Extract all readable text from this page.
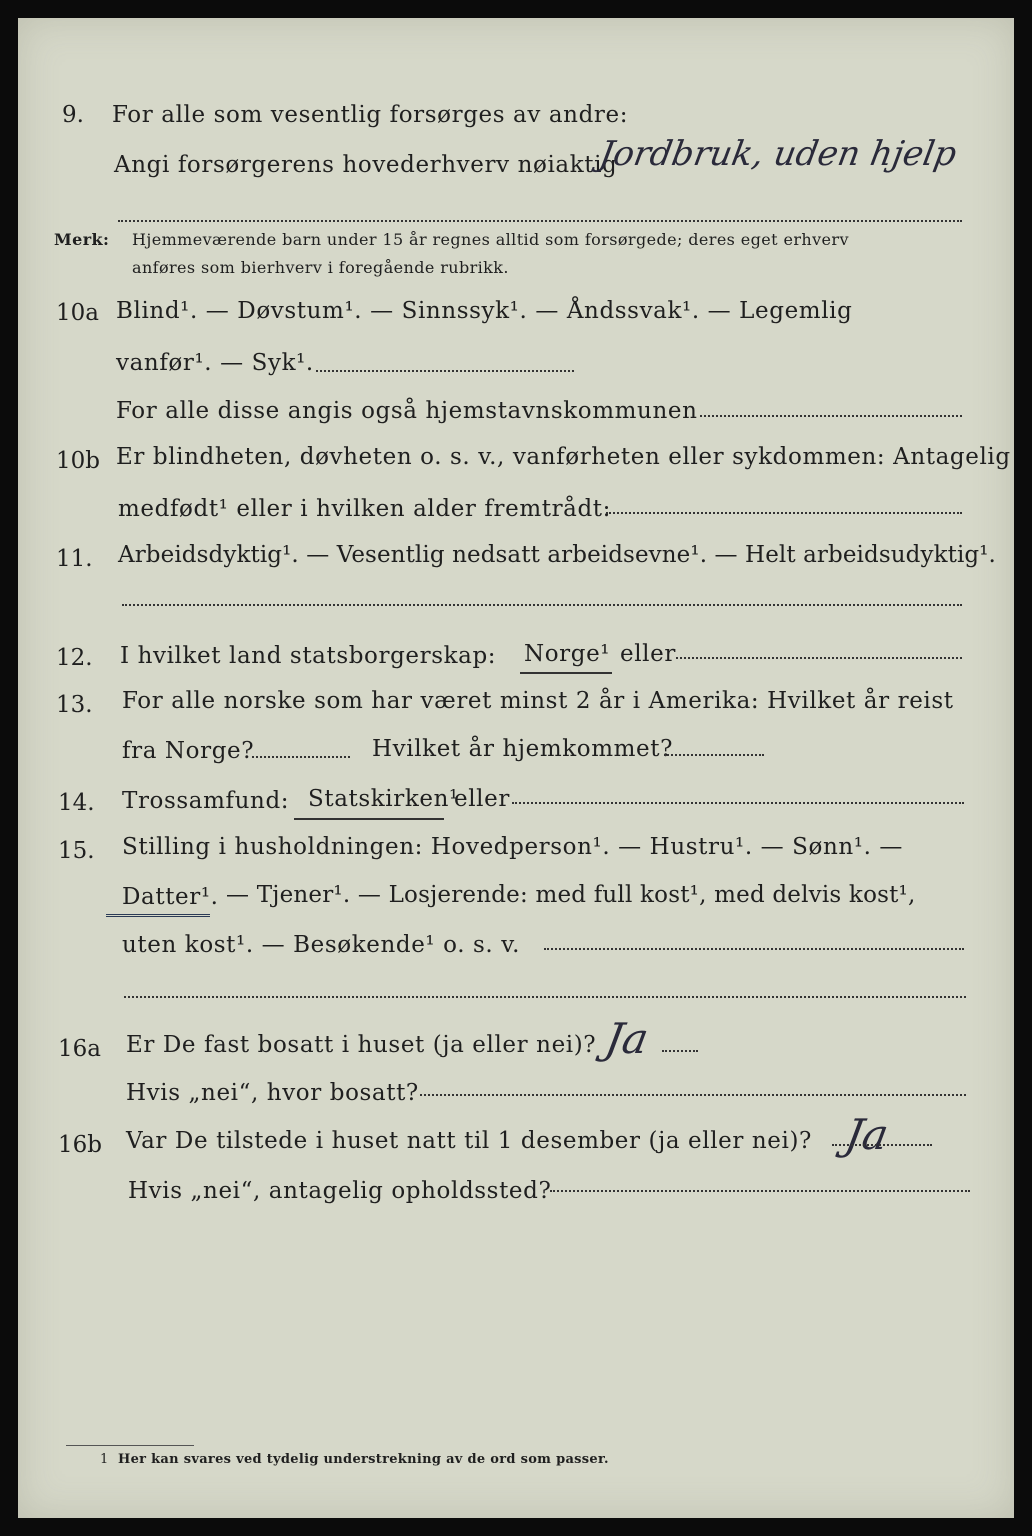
9. For alle som vesentlig forsørges av andre:
Angi forsørgerens hovederhverv nøiaktig
Jordbruk, uden hjelp
Merk: Hjemmeværende barn under 15 år regnes alltid som forsørgede; deres eget erhverv
anføres som bierhverv i foregående rubrikk.
10a Blind¹. — Døvstum¹. — Sinnssyk¹. — Åndssvak¹. — Legemlig
vanfør¹. — Syk¹.
For alle disse angis også hjemstavnskommunen
10b Er blindheten, døvheten o. s. v., vanførheten eller sykdommen: Antagelig
medfødt¹ eller i hvilken alder fremtrådt:
11. Arbeidsdyktig¹. — Vesentlig nedsatt arbeidsevne¹. — Helt arbeidsudyktig¹.
12. I hvilket land statsborgerskap: Norge¹ eller
13. For alle norske som har været minst 2 år i Amerika: Hvilket år reist
fra Norge?	Hvilket år hjemkommet?
14. Trossamfund: Statskirken¹
eller
15. Stilling i husholdningen: Hovedperson¹. — Hustru¹. — Sønn¹. —
Datter¹. — Tjener¹. — Losjerende: med full kost¹, med delvis kost¹,
uten kost¹. — Besøkende¹ o. s. v.
16a Er De fast bosatt i huset (ja eller nei)? Ja
Hvis „nei“, hvor bosatt?
16b Var De tilstede i huset natt til 1 desember (ja eller nei)? Ja
Hvis „nei“, antagelig opholdssted?
1 Her kan svares ved tydelig understrekning av de ord som passer.
